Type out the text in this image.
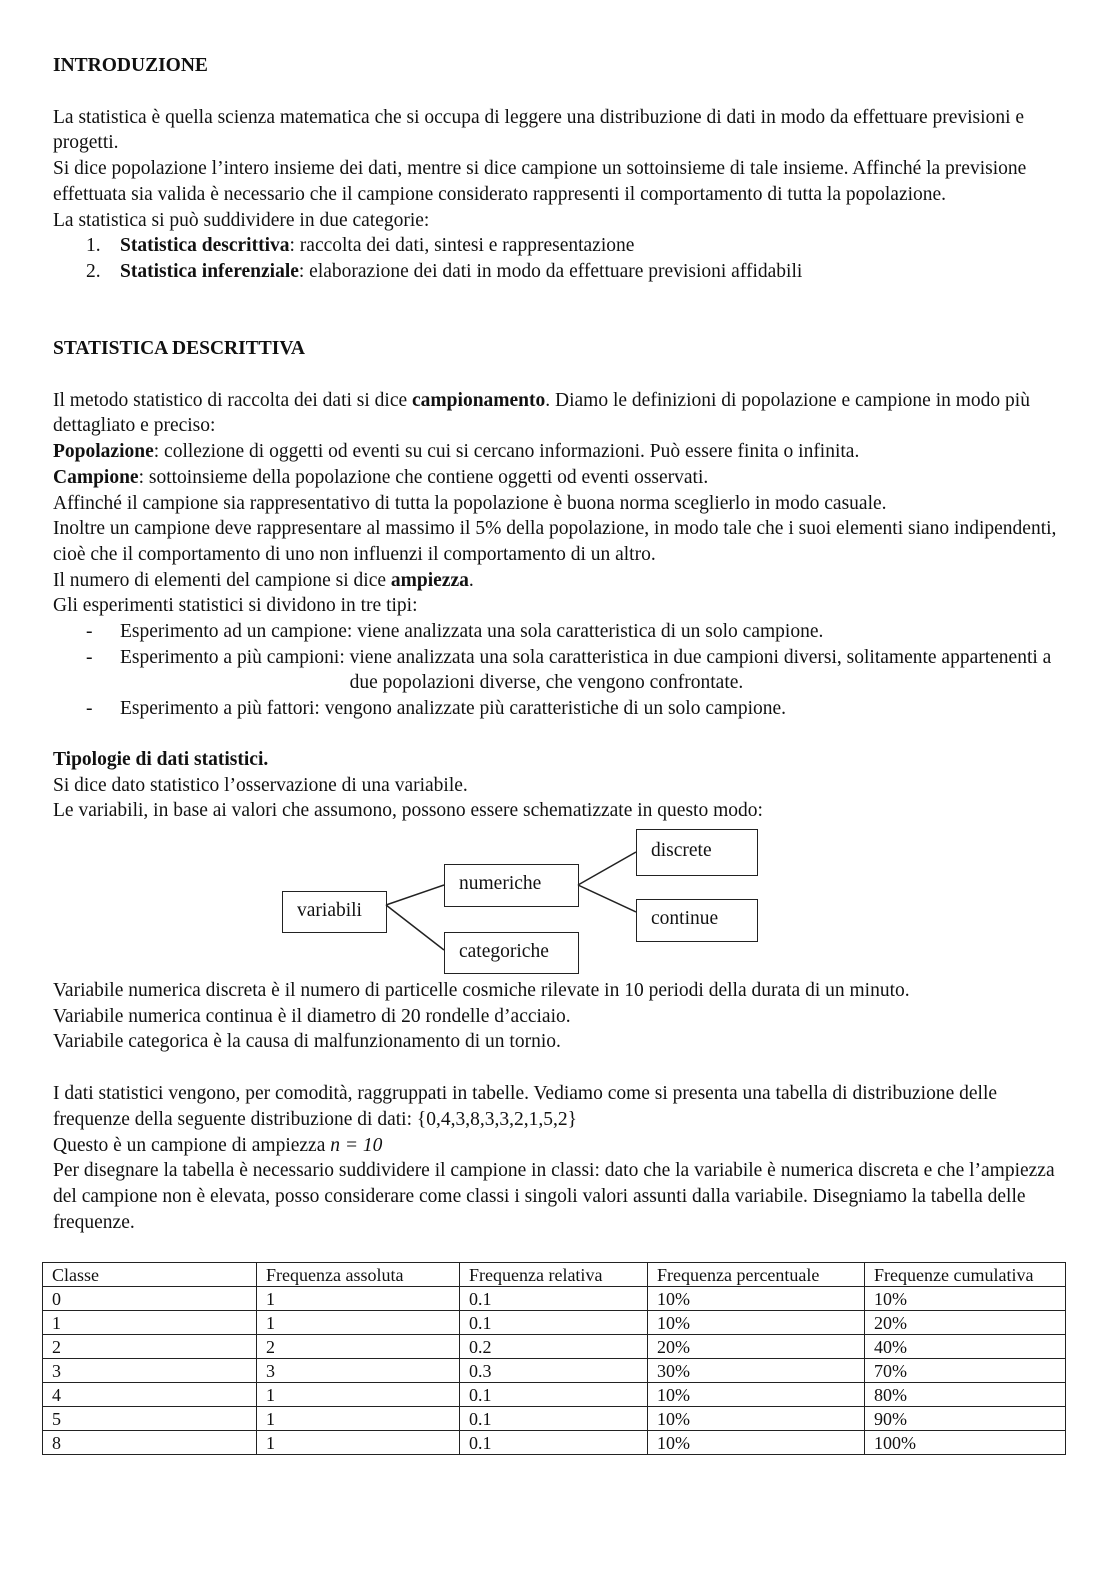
INTRODUZIONE

La statistica è quella scienza matematica che si occupa di leggere una distribuzione di dati in modo da effettuare previsioni e progetti.

Si dice popolazione l’intero insieme dei dati, mentre si dice campione un sottoinsieme di tale insieme. Affinché la previsione effettuata sia valida è necessario che il campione considerato rappresenti il comportamento di tutta la popolazione.

La statistica si può suddividere in due categorie:

1. Statistica descrittiva: raccolta dei dati, sintesi e rappresentazione
2. Statistica inferenziale: elaborazione dei dati in modo da effettuare previsioni affidabili
STATISTICA DESCRITTIVA

Il metodo statistico di raccolta dei dati si dice campionamento. Diamo le definizioni di popolazione e campione in modo più dettagliato e preciso:

Popolazione: collezione di oggetti od eventi su cui si cercano informazioni. Può essere finita o infinita.

Campione: sottoinsieme della popolazione che contiene oggetti od eventi osservati.

Affinché il campione sia rappresentativo di tutta la popolazione è buona norma sceglierlo in modo casuale.

Inoltre un campione deve rappresentare al massimo il 5% della popolazione, in modo tale che i suoi elementi siano indipendenti, cioè che il comportamento di uno non influenzi il comportamento di un altro.

Il numero di elementi del campione si dice ampiezza.

Gli esperimenti statistici si dividono in tre tipi:

- Esperimento ad un campione: viene analizzata una sola caratteristica di un solo campione.
- Esperimento a più campioni: viene analizzata una sola caratteristica in due campioni diversi, solitamente appartenenti a due popolazioni diverse, che vengono confrontate.
- Esperimento a più fattori: vengono analizzate più caratteristiche di un solo campione.
Tipologie di dati statistici.

Si dice dato statistico l’osservazione di una variabile.

Le variabili, in base ai valori che assumono, possono essere schematizzate in questo modo:

variabili
numeriche
categoriche
discrete
continue

Variabile numerica discreta è il numero di particelle cosmiche rilevate in 10 periodi della durata di un minuto.

Variabile numerica continua è il diametro di 20 rondelle d’acciaio.

Variabile categorica è la causa di malfunzionamento di un tornio.

I dati statistici vengono, per comodità, raggruppati in tabelle. Vediamo come si presenta una tabella di distribuzione delle frequenze della seguente distribuzione di dati: {0,4,3,8,3,3,2,1,5,2}

Questo è un campione di ampiezza n = 10

Per disegnare la tabella è necessario suddividere il campione in classi: dato che la variabile è numerica discreta e che l’ampiezza del campione non è elevata, posso considerare come classi i singoli valori assunti dalla variabile. Disegniamo la tabella delle frequenze.

Classe	Frequenza assoluta	Frequenza relativa	Frequenza percentuale	Frequenze cumulativa
0	1	0.1	10%	10%
1	1	0.1	10%	20%
2	2	0.2	20%	40%
3	3	0.3	30%	70%
4	1	0.1	10%	80%
5	1	0.1	10%	90%
8	1	0.1	10%	100%
